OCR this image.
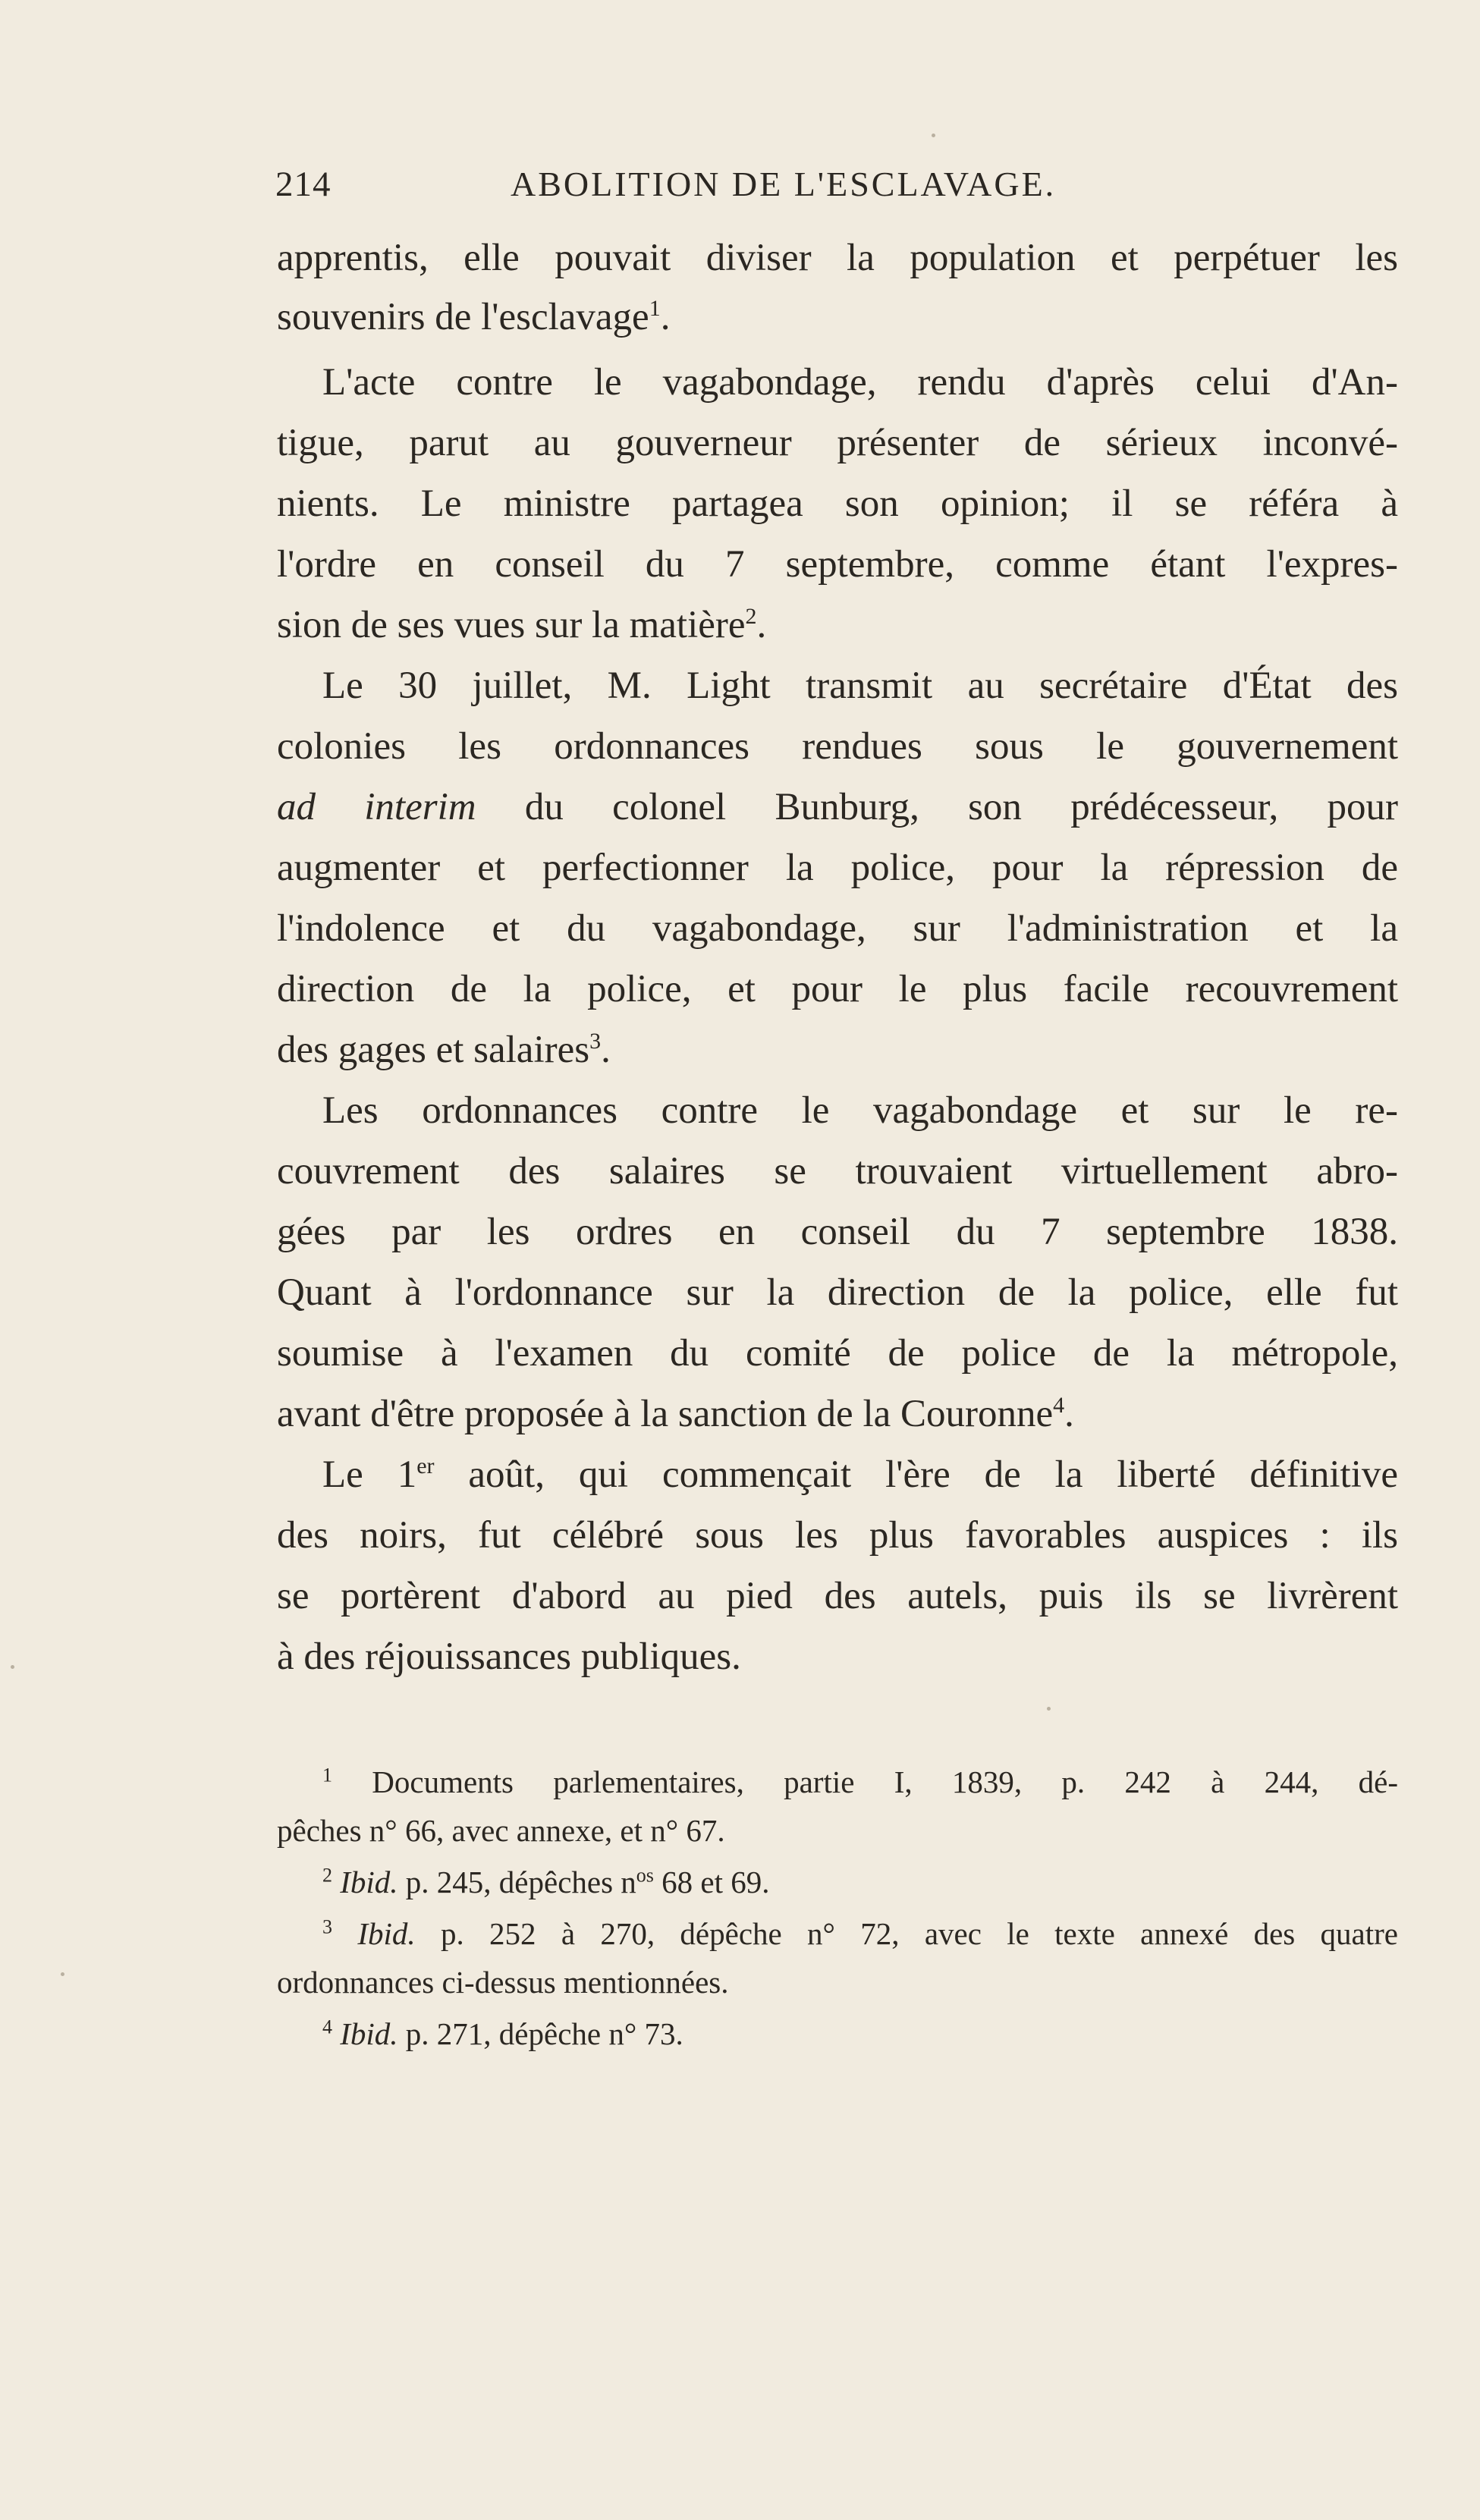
214	ABOLITION DE L'ESCLAVAGE.
apprentis, elle pouvait diviser la population et perpétuer les
souvenirs de l'esclavage$^1$.
L'acte contre le vagabondage, rendu d'après celui d'An-
tigue, parut au gouverneur présenter de sérieux inconvé-
nients. Le ministre partagea son opinion; il se référa à
l'ordre en conseil du 7 septembre, comme étant l'expres-
sion de ses vues sur la matière$^2$.
Le 30 juillet, M. Light transmit au secrétaire d'État des
colonies les ordonnances rendues sous le gouvernement
ad interim du colonel Bunburg, son prédécesseur, pour
augmenter et perfectionner la police, pour la répression de
l'indolence et du vagabondage, sur l'administration et la
direction de la police, et pour le plus facile recouvrement
des gages et salaires$^3$.
Les ordonnances contre le vagabondage et sur le re-
couvrement des salaires se trouvaient virtuellement abro-
gées par les ordres en conseil du 7 septembre 1838.
Quant à l'ordonnance sur la direction de la police, elle fut
soumise à l'examen du comité de police de la métropole,
avant d'être proposée à la sanction de la Couronne$^4$.
Le 1er août, qui commençait l'ère de la liberté définitive
des noirs, fut célébré sous les plus favorables auspices : ils
se portèrent d'abord au pied des autels, puis ils se livrèrent
à des réjouissances publiques.
$^1$ Documents parlementaires, partie I, 1839, p. 242 à 244, dé-
pêches n° 66, avec annexe, et n° 67.
$^2$ Ibid. p. 245, dépêches $n^{os}$ 68 et 69.
$^3$ Ibid. p. 252 à 270, dépêche n° 72, avec le texte annexé des quatre
ordonnances ci-dessus mentionnées.
$^4$ Ibid. p. 271, dépêche n° 73.
